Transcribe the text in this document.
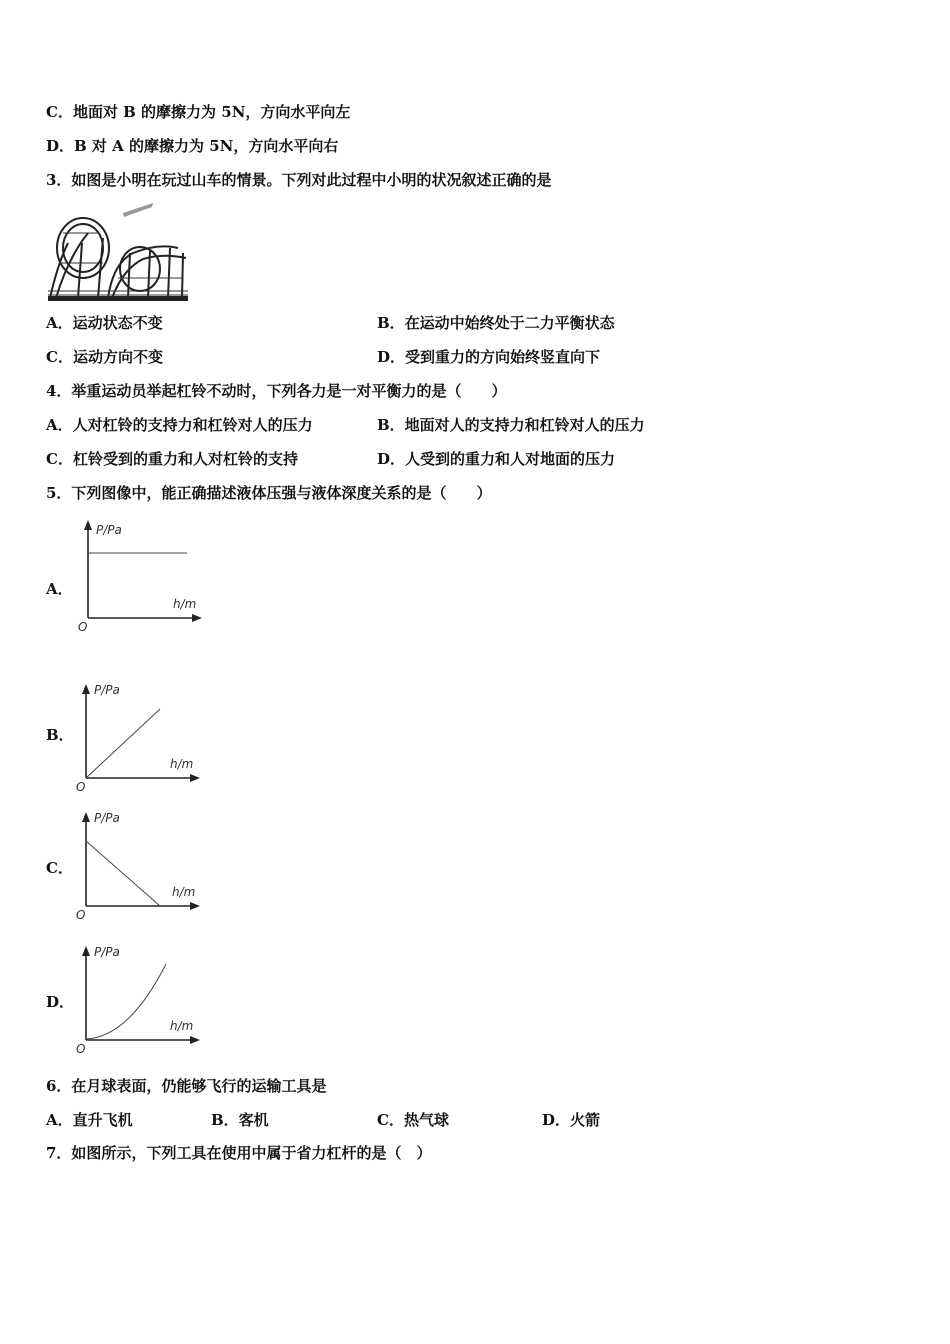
C．地面对 B 的摩擦力为 5N，方向水平向左
D．B 对 A 的摩擦力为 5N，方向水平向右
3．如图是小明在玩过山车的情景。下列对此过程中小明的状况叙述正确的是
A．运动状态不变	B．在运动中始终处于二力平衡状态
C．运动方向不变	D．受到重力的方向始终竖直向下
4．举重运动员举起杠铃不动时，下列各力是一对平衡力的是（　　）
A．人对杠铃的支持力和杠铃对人的压力	B．地面对人的支持力和杠铃对人的压力
C．杠铃受到的重力和人对杠铃的支持	D．人受到的重力和人对地面的压力
5．下列图像中，能正确描述液体压强与液体深度关系的是（　　）
A．
P/Pa
h/m
O
B．
P/Pa
h/m
O
C．
P/Pa
h/m
O
D．
P/Pa
h/m
O
6．在月球表面，仍能够飞行的运输工具是
A．直升飞机	B．客机	C．热气球	D．火箭
7．如图所示，下列工具在使用中属于省力杠杆的是（　）
